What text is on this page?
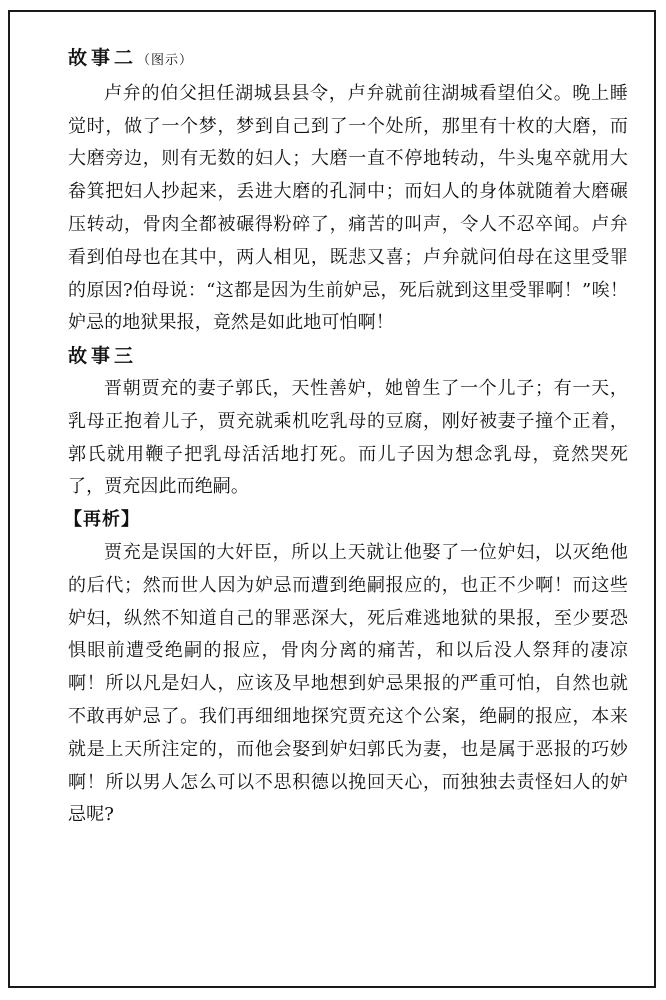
故事二（图示）

卢弁的伯父担任湖城县县令，卢弁就前往湖城看望伯父。晚上睡觉时，做了一个梦，梦到自己到了一个处所，那里有十枚的大磨，而大磨旁边，则有无数的妇人；大磨一直不停地转动，牛头鬼卒就用大畚箕把妇人抄起来，丢进大磨的孔洞中；而妇人的身体就随着大磨碾压转动，骨肉全都被碾得粉碎了，痛苦的叫声，令人不忍卒闻。卢弁看到伯母也在其中，两人相见，既悲又喜；卢弁就问伯母在这里受罪的原因?伯母说：“这都是因为生前妒忌，死后就到这里受罪啊！”唉！妒忌的地狱果报，竟然是如此地可怕啊！

故事三

晋朝贾充的妻子郭氏，天性善妒，她曾生了一个儿子；有一天，乳母正抱着儿子，贾充就乘机吃乳母的豆腐，刚好被妻子撞个正着，郭氏就用鞭子把乳母活活地打死。而儿子因为想念乳母，竟然哭死了，贾充因此而绝嗣。

【再析】

贾充是误国的大奸臣，所以上天就让他娶了一位妒妇，以灭绝他的后代；然而世人因为妒忌而遭到绝嗣报应的，也正不少啊！而这些妒妇，纵然不知道自己的罪恶深大，死后难逃地狱的果报，至少要恐惧眼前遭受绝嗣的报应，骨肉分离的痛苦，和以后没人祭拜的凄凉啊！所以凡是妇人，应该及早地想到妒忌果报的严重可怕，自然也就不敢再妒忌了。我们再细细地探究贾充这个公案，绝嗣的报应，本来就是上天所注定的，而他会娶到妒妇郭氏为妻，也是属于恶报的巧妙啊！所以男人怎么可以不思积德以挽回天心，而独独去责怪妇人的妒忌呢?
